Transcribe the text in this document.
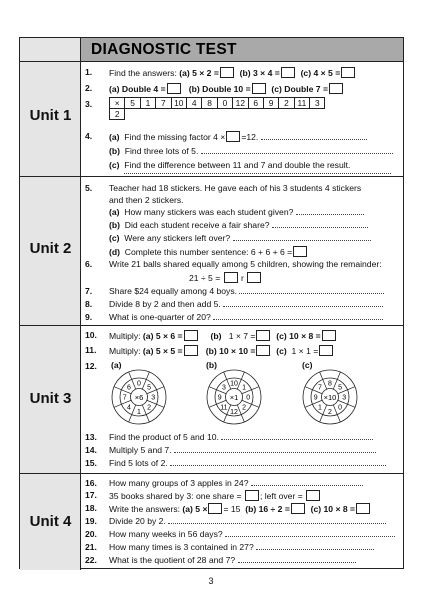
DIAGNOSTIC TEST
Unit 1
1. Find the answers: (a) 5 × 2 = (b) 3 × 4 = (c) 4 × 5 =
2. (a) Double 4 =	(b) Double 10 = (c) Double 7 =
3.	×	5	1	7	10	4	8	0	12	6	9	2	11	3
2													
4. (a) Find the missing factor 4 × =12.
(b) Find three lots of 5.
(c) Find the difference between 11 and 7 and double the result.
Unit 2
5. Teacher had 18 stickers. He gave each of his 3 students 4 stickers
and then 2 stickers.
(a) How many stickers was each student given?
(b) Did each student receive a fair share?
(c) Were any stickers left over?
(d) Complete this number sentence: 6 + 6 + 6 =
6. Write 21 balls shared equally among 5 children, showing the remainder:
21 ÷ 5 = r
7. Share $24 equally among 4 boys.
8. Divide 8 by 2 and then add 5.
9. What is one-quarter of 20?
Unit 3
10. Multiply: (a) 5 × 6 =	(b) 1 × 7 = (c) 10 × 8 =
11. Multiply: (a) 5 × 5 =	(b) 10 × 10 = (c) 1 × 1 =
12. (a)	(b)	(c)
0
5
3
2
1
4
7
6
×6
10
1
0
2
12
11
9
3
×1
8
5
3
0
2
1
9
7
×10
13. Find the product of 5 and 10.
14. Multiply 5 and 7.
15. Find 5 lots of 2.
Unit 4
16. How many groups of 3 apples in 24?
17. 35 books shared by 3: one share = ; left over =
18. Write the answers: (a) 5 × = 15 (b) 16 ÷ 2 = (c) 10 × 8 =
19. Divide 20 by 2.
20. How many weeks in 56 days?
21. How many times is 3 contained in 27?
22. What is the quotient of 28 and 7?
3
